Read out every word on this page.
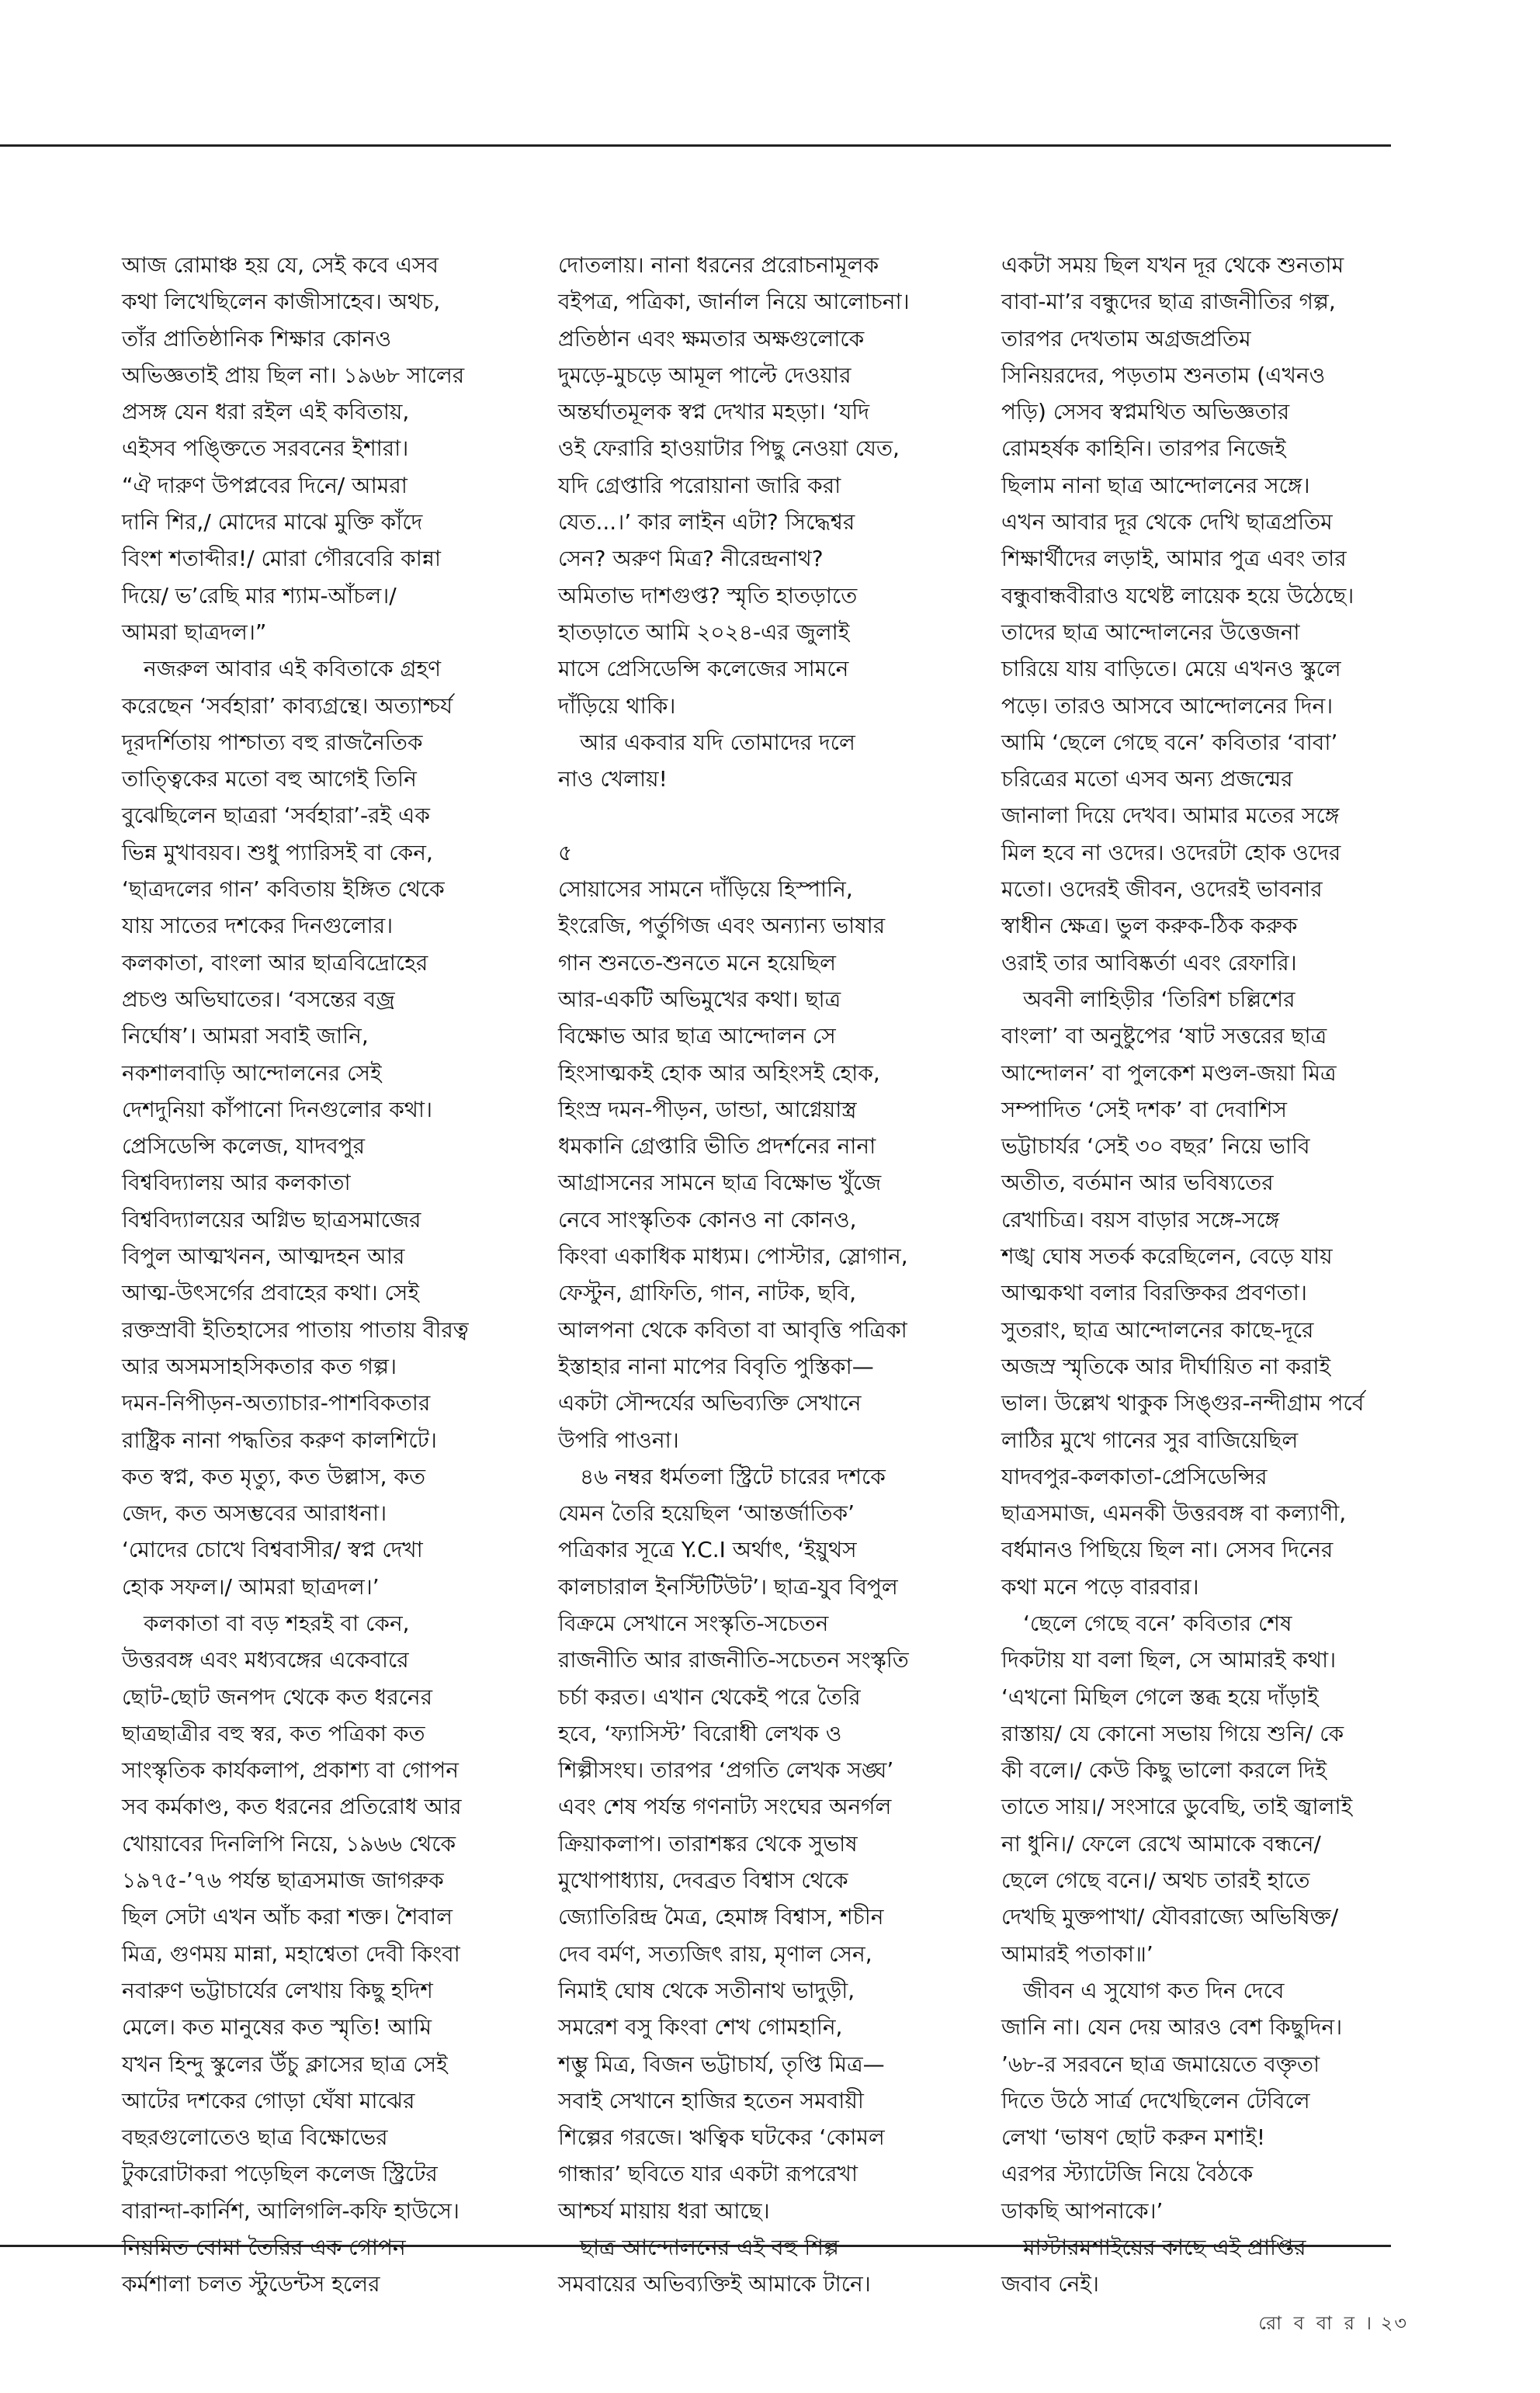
আজ রোমাঞ্চ হয় যে, সেই কবে এসব
কথা লিখেছিলেন কাজীসাহেব। অথচ,
তাঁর প্রাতিষ্ঠানিক শিক্ষার কোনও
অভিজ্ঞতাই প্রায় ছিল না। ১৯৬৮ সালের
প্রসঙ্গ যেন ধরা রইল এই কবিতায়,
এইসব পঙ্ক্তিতে সরবনের ইশারা।
“ঐ দারুণ উপপ্লবের দিনে/ আমরা
দানি শির,/ মোদের মাঝে মুক্তি কাঁদে
বিংশ শতাব্দীর!/ মোরা গৌরবেরি কান্না
দিয়ে/ ভ’রেছি মার শ্যাম-আঁচল।/
আমরা ছাত্রদল।”
নজরুল আবার এই কবিতাকে গ্রহণ
করেছেন ‘সর্বহারা’ কাব্যগ্রন্থে। অত্যাশ্চর্য
দূরদর্শিতায় পাশ্চাত্য বহু রাজনৈতিক
তাত্ত্বিকের মতো বহু আগেই তিনি
বুঝেছিলেন ছাত্ররা ‘সর্বহারা’-রই এক
ভিন্ন মুখাবয়ব। শুধু প্যারিসই বা কেন,
‘ছাত্রদলের গান’ কবিতায় ইঙ্গিত থেকে
যায় সাতের দশকের দিনগুলোর।
কলকাতা, বাংলা আর ছাত্রবিদ্রোহের
প্রচণ্ড অভিঘাতের। ‘বসন্তের বজ্র
নির্ঘোষ’। আমরা সবাই জানি,
নকশালবাড়ি আন্দোলনের সেই
দেশদুনিয়া কাঁপানো দিনগুলোর কথা।
প্রেসিডেন্সি কলেজ, যাদবপুর
বিশ্ববিদ্যালয় আর কলকাতা
বিশ্ববিদ্যালয়ের অগ্নিভ ছাত্রসমাজের
বিপুল আত্মখনন, আত্মদহন আর
আত্ম-উৎসর্গের প্রবাহের কথা। সেই
রক্তস্রাবী ইতিহাসের পাতায় পাতায় বীরত্ব
আর অসমসাহসিকতার কত গল্প।
দমন-নিপীড়ন-অত্যাচার-পাশবিকতার
রাষ্ট্রিক নানা পদ্ধতির করুণ কালশিটে।
কত স্বপ্ন, কত মৃত্যু, কত উল্লাস, কত
জেদ, কত অসম্ভবের আরাধনা।
‘মোদের চোখে বিশ্ববাসীর/ স্বপ্ন দেখা
হোক সফল।/ আমরা ছাত্রদল।’
কলকাতা বা বড় শহরই বা কেন,
উত্তরবঙ্গ এবং মধ্যবঙ্গের একেবারে
ছোট-ছোট জনপদ থেকে কত ধরনের
ছাত্রছাত্রীর বহু স্বর, কত পত্রিকা কত
সাংস্কৃতিক কার্যকলাপ, প্রকাশ্য বা গোপন
সব কর্মকাণ্ড, কত ধরনের প্রতিরোধ আর
খোয়াবের দিনলিপি নিয়ে, ১৯৬৬ থেকে
১৯৭৫-’৭৬ পর্যন্ত ছাত্রসমাজ জাগরুক
ছিল সেটা এখন আঁচ করা শক্ত। শৈবাল
মিত্র, গুণময় মান্না, মহাশ্বেতা দেবী কিংবা
নবারুণ ভট্টাচার্যের লেখায় কিছু হদিশ
মেলে। কত মানুষের কত স্মৃতি! আমি
যখন হিন্দু স্কুলের উঁচু ক্লাসের ছাত্র সেই
আটের দশকের গোড়া ঘেঁষা মাঝের
বছরগুলোতেও ছাত্র বিক্ষোভের
টুকরোটাকরা পড়েছিল কলেজ স্ট্রিটের
বারান্দা-কার্নিশ, আলিগলি-কফি হাউসে।
নিয়মিত বোমা তৈরির এক গোপন
কর্মশালা চলত স্টুডেন্টস হলের
দোতলায়। নানা ধরনের প্ররোচনামূলক
বইপত্র, পত্রিকা, জার্নাল নিয়ে আলোচনা।
প্রতিষ্ঠান এবং ক্ষমতার অক্ষগুলোকে
দুমড়ে-মুচড়ে আমূল পাল্টে দেওয়ার
অন্তর্ঘাতমূলক স্বপ্ন দেখার মহড়া। ‘যদি
ওই ফেরারি হাওয়াটার পিছু নেওয়া যেত,
যদি গ্রেপ্তারি পরোয়ানা জারি করা
যেত...।’ কার লাইন এটা? সিদ্ধেশ্বর
সেন? অরুণ মিত্র? নীরেন্দ্রনাথ?
অমিতাভ দাশগুপ্ত? স্মৃতি হাতড়াতে
হাতড়াতে আমি ২০২৪-এর জুলাই
মাসে প্রেসিডেন্সি কলেজের সামনে
দাঁড়িয়ে থাকি।
আর একবার যদি তোমাদের দলে
নাও খেলায়!
৫
সোয়াসের সামনে দাঁড়িয়ে হিস্পানি,
ইংরেজি, পর্তুগিজ এবং অন্যান্য ভাষার
গান শুনতে-শুনতে মনে হয়েছিল
আর-একটি অভিমুখের কথা। ছাত্র
বিক্ষোভ আর ছাত্র আন্দোলন সে
হিংসাত্মকই হোক আর অহিংসই হোক,
হিংস্র দমন-পীড়ন, ডান্ডা, আগ্নেয়াস্ত্র
ধমকানি গ্রেপ্তারি ভীতি প্রদর্শনের নানা
আগ্রাসনের সামনে ছাত্র বিক্ষোভ খুঁজে
নেবে সাংস্কৃতিক কোনও না কোনও,
কিংবা একাধিক মাধ্যম। পোস্টার, স্লোগান,
ফেস্টুন, গ্রাফিতি, গান, নাটক, ছবি,
আলপনা থেকে কবিতা বা আবৃত্তি পত্রিকা
ইস্তাহার নানা মাপের বিবৃতি পুস্তিকা—
একটা সৌন্দর্যের অভিব্যক্তি সেখানে
উপরি পাওনা।
৪৬ নম্বর ধর্মতলা স্ট্রিটে চারের দশকে
যেমন তৈরি হয়েছিল ‘আন্তর্জাতিক’
পত্রিকার সূত্রে Y.C.I অর্থাৎ, ‘ইয়ুথস
কালচারাল ইনস্টিটিউট’। ছাত্র-যুব বিপুল
বিক্রমে সেখানে সংস্কৃতি-সচেতন
রাজনীতি আর রাজনীতি-সচেতন সংস্কৃতি
চর্চা করত। এখান থেকেই পরে তৈরি
হবে, ‘ফ্যাসিস্ট’ বিরোধী লেখক ও
শিল্পীসংঘ। তারপর ‘প্রগতি লেখক সঙ্ঘ’
এবং শেষ পর্যন্ত গণনাট্য সংঘের অনর্গল
ক্রিয়াকলাপ। তারাশঙ্কর থেকে সুভাষ
মুখোপাধ্যায়, দেবব্রত বিশ্বাস থেকে
জ্যোতিরিন্দ্র মৈত্র, হেমাঙ্গ বিশ্বাস, শচীন
দেব বর্মণ, সত্যজিৎ রায়, মৃণাল সেন,
নিমাই ঘোষ থেকে সতীনাথ ভাদুড়ী,
সমরেশ বসু কিংবা শেখ গোমহানি,
শম্ভু মিত্র, বিজন ভট্টাচার্য, তৃপ্তি মিত্র—
সবাই সেখানে হাজির হতেন সমবায়ী
শিল্পের গরজে। ঋত্বিক ঘটকের ‘কোমল
গান্ধার’ ছবিতে যার একটা রূপরেখা
আশ্চর্য মায়ায় ধরা আছে।
ছাত্র আন্দোলনের এই বহু শিল্প
সমবায়ের অভিব্যক্তিই আমাকে টানে।
একটা সময় ছিল যখন দূর থেকে শুনতাম
বাবা-মা’র বন্ধুদের ছাত্র রাজনীতির গল্প,
তারপর দেখতাম অগ্রজপ্রতিম
সিনিয়রদের, পড়তাম শুনতাম (এখনও
পড়ি) সেসব স্বপ্নমথিত অভিজ্ঞতার
রোমহর্ষক কাহিনি। তারপর নিজেই
ছিলাম নানা ছাত্র আন্দোলনের সঙ্গে।
এখন আবার দূর থেকে দেখি ছাত্রপ্রতিম
শিক্ষার্থীদের লড়াই, আমার পুত্র এবং তার
বন্ধুবান্ধবীরাও যথেষ্ট লায়েক হয়ে উঠেছে।
তাদের ছাত্র আন্দোলনের উত্তেজনা
চারিয়ে যায় বাড়িতে। মেয়ে এখনও স্কুলে
পড়ে। তারও আসবে আন্দোলনের দিন।
আমি ‘ছেলে গেছে বনে’ কবিতার ‘বাবা’
চরিত্রের মতো এসব অন্য প্রজন্মের
জানালা দিয়ে দেখব। আমার মতের সঙ্গে
মিল হবে না ওদের। ওদেরটা হোক ওদের
মতো। ওদেরই জীবন, ওদেরই ভাবনার
স্বাধীন ক্ষেত্র। ভুল করুক-ঠিক করুক
ওরাই তার আবিষ্কর্তা এবং রেফারি।
অবনী লাহিড়ীর ‘তিরিশ চল্লিশের
বাংলা’ বা অনুষ্টুপের ‘ষাট সত্তরের ছাত্র
আন্দোলন’ বা পুলকেশ মণ্ডল-জয়া মিত্র
সম্পাদিত ‘সেই দশক’ বা দেবাশিস
ভট্টাচার্যর ‘সেই ৩০ বছর’ নিয়ে ভাবি
অতীত, বর্তমান আর ভবিষ্যতের
রেখাচিত্র। বয়স বাড়ার সঙ্গে-সঙ্গে
শঙ্খ ঘোষ সতর্ক করেছিলেন, বেড়ে যায়
আত্মকথা বলার বিরক্তিকর প্রবণতা।
সুতরাং, ছাত্র আন্দোলনের কাছে-দূরে
অজস্র স্মৃতিকে আর দীর্ঘায়িত না করাই
ভাল। উল্লেখ থাকুক সিঙ্গুর-নন্দীগ্রাম পর্বে
লাঠির মুখে গানের সুর বাজিয়েছিল
যাদবপুর-কলকাতা-প্রেসিডেন্সির
ছাত্রসমাজ, এমনকী উত্তরবঙ্গ বা কল্যাণী,
বর্ধমানও পিছিয়ে ছিল না। সেসব দিনের
কথা মনে পড়ে বারবার।
‘ছেলে গেছে বনে’ কবিতার শেষ
দিকটায় যা বলা ছিল, সে আমারই কথা।
‘এখনো মিছিল গেলে স্তব্ধ হয়ে দাঁড়াই
রাস্তায়/ যে কোনো সভায় গিয়ে শুনি/ কে
কী বলে।/ কেউ কিছু ভালো করলে দিই
তাতে সায়।/ সংসারে ডুবেছি, তাই জ্বালাই
না ধুনি।/ ফেলে রেখে আমাকে বন্ধনে/
ছেলে গেছে বনে।/ অথচ তারই হাতে
দেখছি মুক্তপাখা/ যৌবরাজ্যে অভিষিক্ত/
আমারই পতাকা॥’
জীবন এ সুযোগ কত দিন দেবে
জানি না। যেন দেয় আরও বেশ কিছুদিন।
’৬৮-র সরবনে ছাত্র জমায়েতে বক্তৃতা
দিতে উঠে সার্ত্র দেখেছিলেন টেবিলে
লেখা ‘ভাষণ ছোট করুন মশাই!
এরপর স্ট্যাটেজি নিয়ে বৈঠকে
ডাকছি আপনাকে।’
মাস্টারমশাইয়ের কাছে এই প্রাপ্তির
জবাব নেই।
রো ব বা র । ২৩
